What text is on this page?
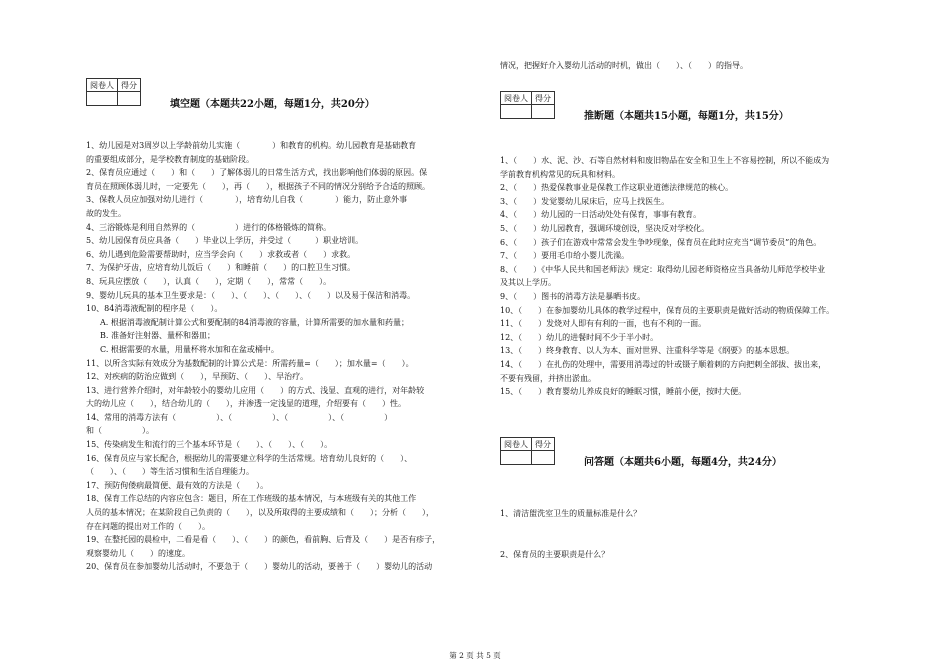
阅卷人	得分

填空题（本题共22小题，每题1分，共20分）

1、幼儿园是对3周岁以上学龄前幼儿实施（　　　　）和教育的机构。幼儿园教育是基础教育

的重要组成部分，是学校教育制度的基础阶段。

2、保育员应通过（　　）和（　　）了解体弱儿的日常生活方式，找出影响他们体弱的原因。保

育员在照顾体弱儿时，一定要先（　　），再（　　），根据孩子不同的情况分别给予合适的照顾。

3、保教人员应加强对幼儿进行（　　　　），培育幼儿自我（　　　　）能力，防止意外事

故的发生。

4、三浴锻炼是利用自然界的（　　　　　）进行的体格锻炼的简称。

5、幼儿园保育员应具备（　　）毕业以上学历，并受过（　　　）职业培训。

6、幼儿遇到危险需要帮助时，应当学会向（　　）求救或者（　　）求救。

7、为保护牙齿，应培育幼儿饭后（　　）和睡前（　　）的口腔卫生习惯。

8、玩具应摆放（　　），认真（　　），定期（　　），常常（　　）。

9、婴幼儿玩具的基本卫生要求是：（　　）、（　　）、（　　）、（　　）以及易于保洁和消毒。

10、84消毒液配制的程序是（　　）。

A. 根据消毒液配制计算公式和要配制的84消毒液的容量，计算所需要的加水量和药量；

B. 准备好注射器、量杯和器皿；

C. 根据需要的水量，用量杯将水加和在盆或桶中。

11、以所含实际有效成分为基数配制的计算公式是：所需药量=（　　）；加水量=（　　）。

12、对疾病的防治应做到（　　），早预防、（　　）、早治疗。

13、进行营养介绍时，对年龄较小的婴幼儿应用（　　）的方式、浅显、直观的进行，对年龄较

大的幼儿应（　　），结合幼儿的（　　），并渗透一定浅显的道理，介绍要有（　　）性。

14、常用的消毒方法有（　　　　　）、（　　　　　）、（　　　　　）、（　　　　　）

和（　　　　　）。

15、传染病发生和流行的三个基本环节是（　　）、（　　）、（　　）。

16、保育员应与家长配合，根据幼儿的需要建立科学的生活常规。培育幼儿良好的（　　）、

（　　）、（　　）等生活习惯和生活自理能力。

17、预防佝偻病最简便、最有效的方法是（　　）。

18、保育工作总结的内容应包含：题目，所在工作班级的基本情况，与本班级有关的其他工作

人员的基本情况；在某阶段自己负责的（　　），以及所取得的主要成绩和（　　）；分析（　　），

存在问题的提出对工作的（　　）。

19、在整托园的晨检中，二看是看（　　）、（　　）的颜色，看前胸、后背及（　　）是否有疹子，

观察婴幼儿（　　）的速度。

20、保育员在参加婴幼儿活动时，不要急于（　　）婴幼儿的活动，要善于（　　）婴幼儿的活动

情况，把握好介入婴幼儿活动的时机，做出（　　）、（　　）的指导。

阅卷人	得分

推断题（本题共15小题，每题1分，共15分）

1、（　　）水、泥、沙、石等自然材料和废旧物品在安全和卫生上不容易控制，所以不能成为

学前教育机构常见的玩具和材料。

2、（　　）热爱保教事业是保教工作这职业道德法律规范的核心。

3、（　　）发觉婴幼儿尿床后，应马上找医生。

4、（　　）幼儿园的一日活动处处有保育，事事有教育。

5、（　　）幼儿园教育，强调环境创设，坚决反对学校化。

6、（　　）孩子们在游戏中常常会发生争吵现象，保育员在此时应充当“调节委员”的角色。

7、（　　）要用毛巾给小婴儿洗澡。

8、（　　）《中华人民共和国老师法》规定：取得幼儿园老师资格应当具备幼儿师范学校毕业

及其以上学历。

9、（　　）图书的消毒方法是暴晒书皮。

10、（　　）在参加婴幼儿具体的教学过程中，保育员的主要职责是做好活动的物质保障工作。

11、（　　）发烧对人即有有利的一面，也有不利的一面。

12、（　　）幼儿的进餐时间不少于半小时。

13、（　　）终身教育、以人为本、面对世界、注重科学等是《纲要》的基本思想。

14、（　　）在扎伤的处理中，需要用消毒过的针或镊子顺着刺的方向把刺全部拔、拔出来，

不要有残留，并挤出淤血。

15、（　　）教育婴幼儿养成良好的睡眠习惯，睡前小便，按时大便。

阅卷人	得分

问答题（本题共6小题，每题4分，共24分）

1、清洁盥洗室卫生的质量标准是什么？

2、保育员的主要职责是什么？

第 2 页 共 5 页
